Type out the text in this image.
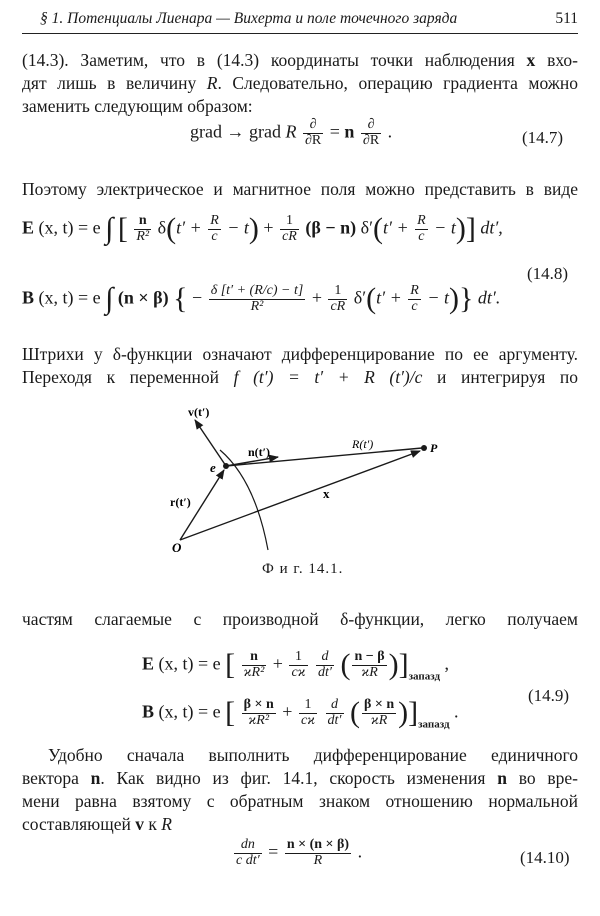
§ 1. Потенциалы Лиенара — Вихерта и поле точечного заряда	511
(14.3). Заметим, что в (14.3) координаты точки наблюдения x вхо-
дят лишь в величину R. Следовательно, операцию градиента можно
заменить следующим образом:
grad → grad R $\frac{\partial}{\partial R} = n \frac{\partial}{\partial R}$ .	(14.7)
Поэтому электрическое и магнитное поля можно представить в виде
E (x, t) = e ∫ [ $\frac{n}{\text{R²}} \delta(t' + \frac{R}{c} - t) + \frac{1}{cR} (\beta - n) \delta'(t' + \frac{R}{c} - t)$] dt′,
(14.8)
B (x, t) = e ∫ (n × β) { − $\frac{\delta [t' + (R/c) - t]}{\text{R²}} + \frac{1}{cR} \delta'(t' + \frac{R}{c} - t)$} dt′.
Штрихи у δ-функции означают дифференцирование по ее аргументу.
Переходя к переменной f (t′) = t′ + R (t′)/c и интегрируя по
v(t′)
n(t′)
R(t′)	P
e
r(t′)
x
O
Ф и г. 14.1.
частям слагаемые с производной δ-функции, легко получаем
E (x, t) = e [ $\frac{n}{\text{ϰR²}} + \frac{1}{cϰ}$
$\frac{d}{dt'}$ ( $\frac{n - \beta}{ϰR} )]_{запазд}$ ,
B (x, t) = e [ $\frac{\beta \times n}{\text{ϰR²}} + \frac{1}{cϰ}$
$\frac{d}{dt'}$ ( $\frac{\beta \times n}{ϰR} )]_{запазд}$ .
(14.9)
Удобно сначала выполнить дифференцирование единичного
вектора n. Как видно из фиг. 14.1, скорость изменения n во вре-
мени равна взятому с обратным знаком отношению нормальной
составляющей v к R
$\frac{dn}{\text{c dt′}} = \frac{n \times (n \times \beta)}{R}$ .	(14.10)
